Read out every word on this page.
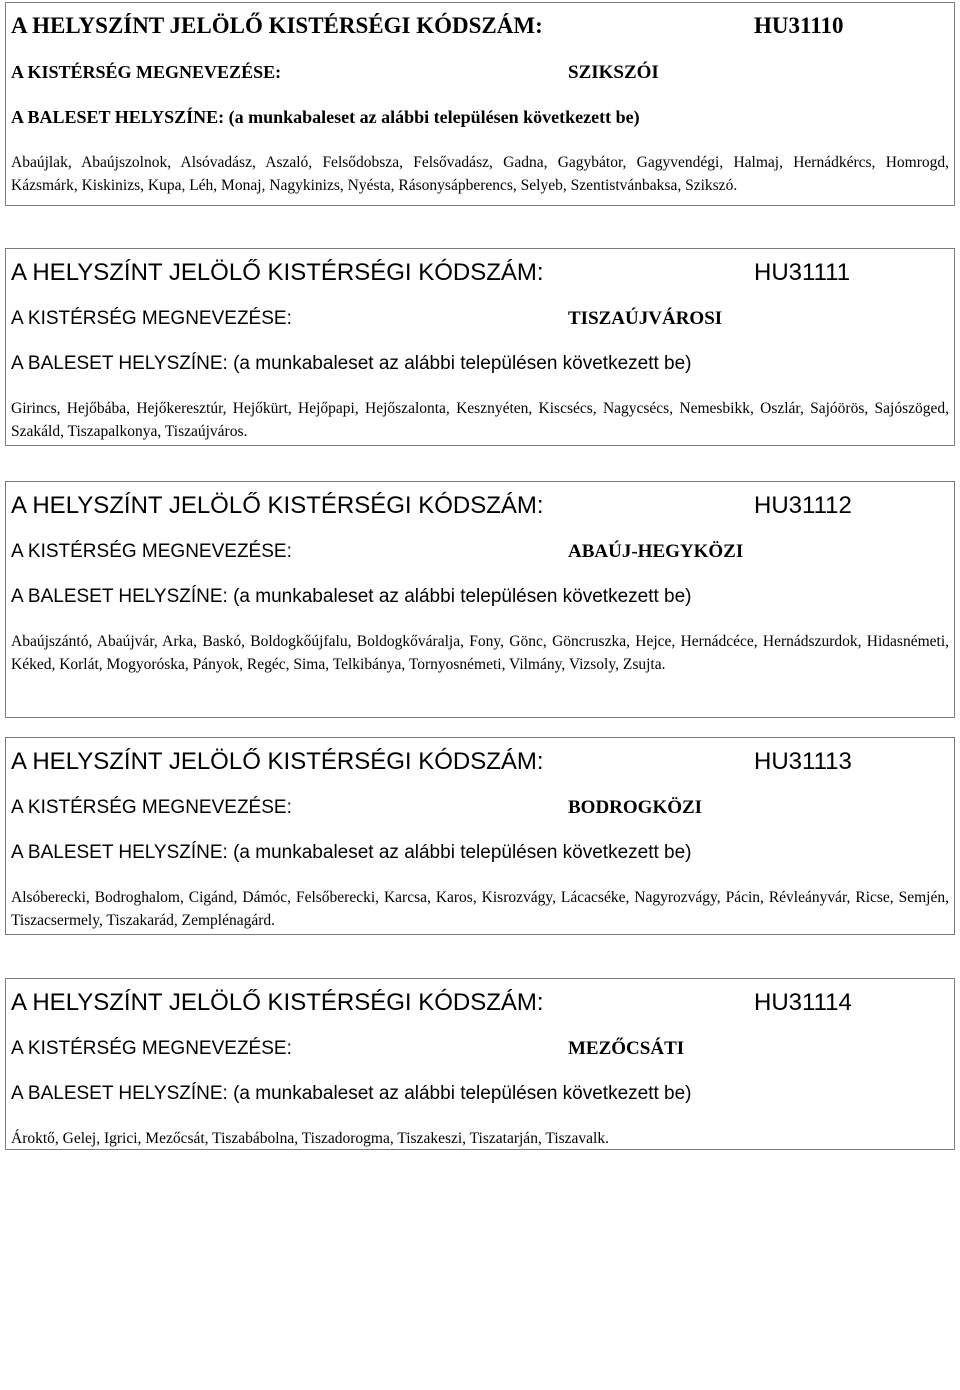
A HELYSZÍNT JELÖLŐ KISTÉRSÉGI KÓDSZÁM:	HU31110
A KISTÉRSÉG MEGNEVEZÉSE:	SZIKSZÓI
A BALESET HELYSZÍNE: (a munkabaleset az alábbi településen következett be)
Abaújlak, Abaújszolnok, Alsóvadász, Aszaló, Felsődobsza, Felsővadász, Gadna, Gagybátor, Gagyvendégi, Halmaj, Hernádkércs, Homrogd, Kázsmárk, Kiskinizs, Kupa, Léh, Monaj, Nagykinizs, Nyésta, Rásonysápberencs, Selyeb, Szentistvánbaksa, Szikszó.
A HELYSZÍNT JELÖLŐ KISTÉRSÉGI KÓDSZÁM:	HU31111
A KISTÉRSÉG MEGNEVEZÉSE:	TISZAÚJVÁROSI
A BALESET HELYSZÍNE: (a munkabaleset az alábbi településen következett be)
Girincs, Hejőbába, Hejőkeresztúr, Hejőkürt, Hejőpapi, Hejőszalonta, Kesznyéten, Kiscsécs, Nagycsécs, Nemesbikk, Oszlár, Sajóörös, Sajószöged, Szakáld, Tiszapalkonya, Tiszaújváros.
A HELYSZÍNT JELÖLŐ KISTÉRSÉGI KÓDSZÁM:	HU31112
A KISTÉRSÉG MEGNEVEZÉSE:	ABAÚJ-HEGYKÖZI
A BALESET HELYSZÍNE: (a munkabaleset az alábbi településen következett be)
Abaújszántó, Abaújvár, Arka, Baskó, Boldogkőújfalu, Boldogkőváralja, Fony, Gönc, Göncruszka, Hejce, Hernádcéce, Hernádszurdok, Hidasnémeti, Kéked, Korlát, Mogyoróska, Pányok, Regéc, Sima, Telkibánya, Tornyosnémeti, Vilmány, Vizsoly, Zsujta.
A HELYSZÍNT JELÖLŐ KISTÉRSÉGI KÓDSZÁM:	HU31113
A KISTÉRSÉG MEGNEVEZÉSE:	BODROGKÖZI
A BALESET HELYSZÍNE: (a munkabaleset az alábbi településen következett be)
Alsóberecki, Bodroghalom, Cigánd, Dámóc, Felsőberecki, Karcsa, Karos, Kisrozvágy, Lácacséke, Nagyrozvágy, Pácin, Révleányvár, Ricse, Semjén, Tiszacsermely, Tiszakarád, Zemplénagárd.
A HELYSZÍNT JELÖLŐ KISTÉRSÉGI KÓDSZÁM:	HU31114
A KISTÉRSÉG MEGNEVEZÉSE:	MEZŐCSÁTI
A BALESET HELYSZÍNE: (a munkabaleset az alábbi településen következett be)
Ároktő, Gelej, Igrici, Mezőcsát, Tiszabábolna, Tiszadorogma, Tiszakeszi, Tiszatarján, Tiszavalk.
